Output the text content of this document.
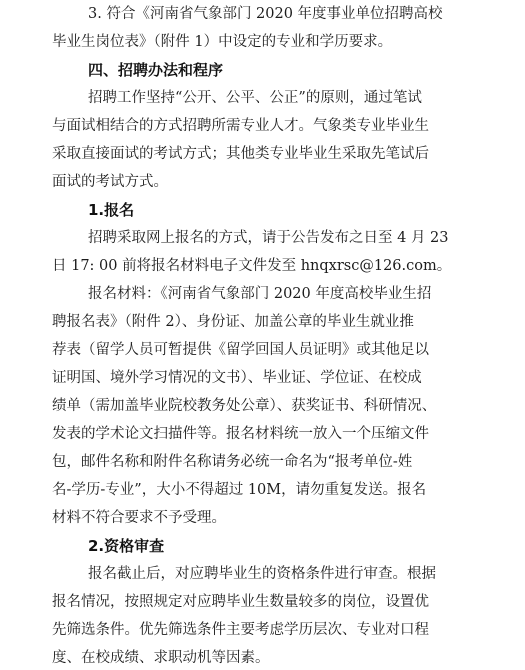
3. 符合《河南省气象部门 2020 年度事业单位招聘高校

毕业生岗位表》（附件 1）中设定的专业和学历要求。

四、招聘办法和程序

招聘工作坚持“公开、公平、公正”的原则，通过笔试

与面试相结合的方式招聘所需专业人才。气象类专业毕业生

采取直接面试的考试方式；其他类专业毕业生采取先笔试后

面试的考试方式。

1.报名

招聘采取网上报名的方式，请于公告发布之日至 4 月 23

日 17: 00 前将报名材料电子文件发至 hnqxrsc@126.com。

报名材料：《河南省气象部门 2020 年度高校毕业生招

聘报名表》（附件 2）、身份证、加盖公章的毕业生就业推

荐表（留学人员可暂提供《留学回国人员证明》或其他足以

证明国、境外学习情况的文书）、毕业证、学位证、在校成

绩单（需加盖毕业院校教务处公章）、获奖证书、科研情况、

发表的学术论文扫描件等。报名材料统一放入一个压缩文件

包，邮件名称和附件名称请务必统一命名为“报考单位-姓

名-学历-专业”，大小不得超过 10M，请勿重复发送。报名

材料不符合要求不予受理。

2.资格审查

报名截止后，对应聘毕业生的资格条件进行审查。根据

报名情况，按照规定对应聘毕业生数量较多的岗位，设置优

先筛选条件。优先筛选条件主要考虑学历层次、专业对口程

度、在校成绩、求职动机等因素。
